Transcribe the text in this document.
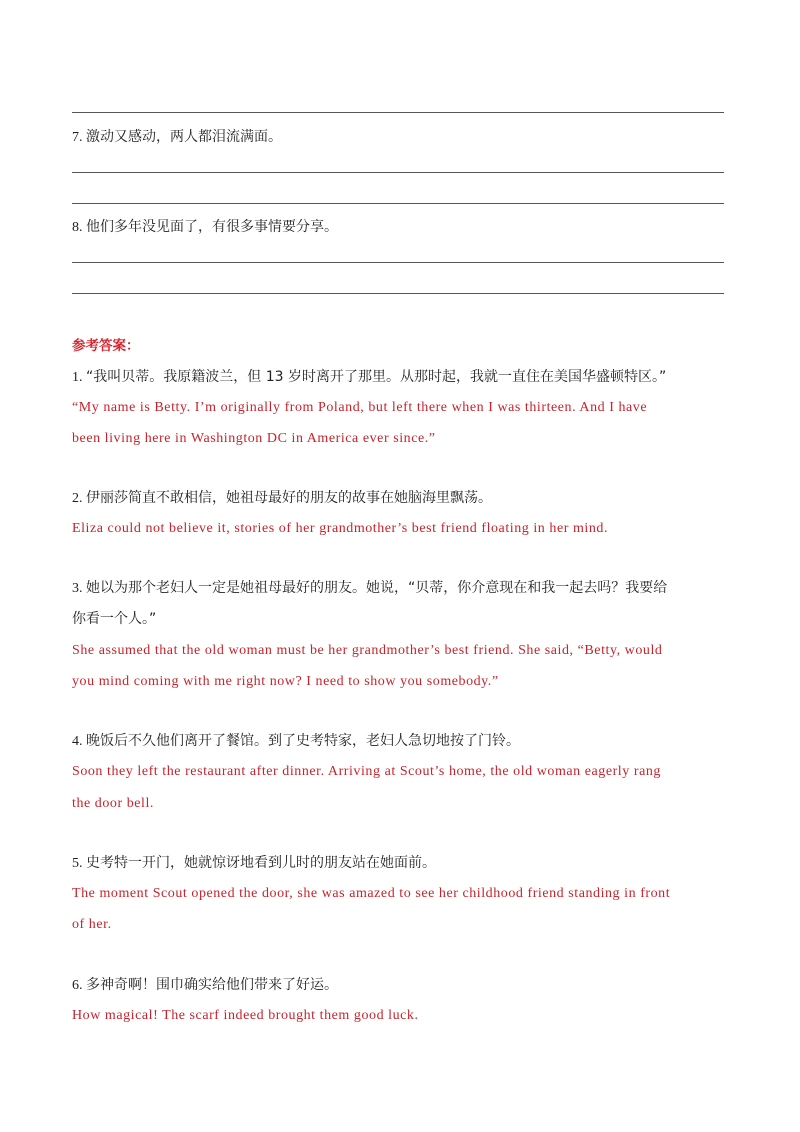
7. 激动又感动，两人都泪流满面。
8. 他们多年没见面了，有很多事情要分享。
参考答案：
1. “我叫贝蒂。我原籍波兰，但 13 岁时离开了那里。从那时起，我就一直住在美国华盛顿特区。”
“My name is Betty. I’m originally from Poland, but left there when I was thirteen. And I have
been living here in Washington DC in America ever since.”
2. 伊丽莎简直不敢相信，她祖母最好的朋友的故事在她脑海里飘荡。
Eliza could not believe it, stories of her grandmother’s best friend floating in her mind.
3. 她以为那个老妇人一定是她祖母最好的朋友。她说，“贝蒂，你介意现在和我一起去吗？我要给
你看一个人。”
She assumed that the old woman must be her grandmother’s best friend. She said, “Betty, would
you mind coming with me right now? I need to show you somebody.”
4. 晚饭后不久他们离开了餐馆。到了史考特家，老妇人急切地按了门铃。
Soon they left the restaurant after dinner. Arriving at Scout’s home, the old woman eagerly rang
the door bell.
5. 史考特一开门，她就惊讶地看到儿时的朋友站在她面前。
The moment Scout opened the door, she was amazed to see her childhood friend standing in front
of her.
6. 多神奇啊！围巾确实给他们带来了好运。
How magical! The scarf indeed brought them good luck.
